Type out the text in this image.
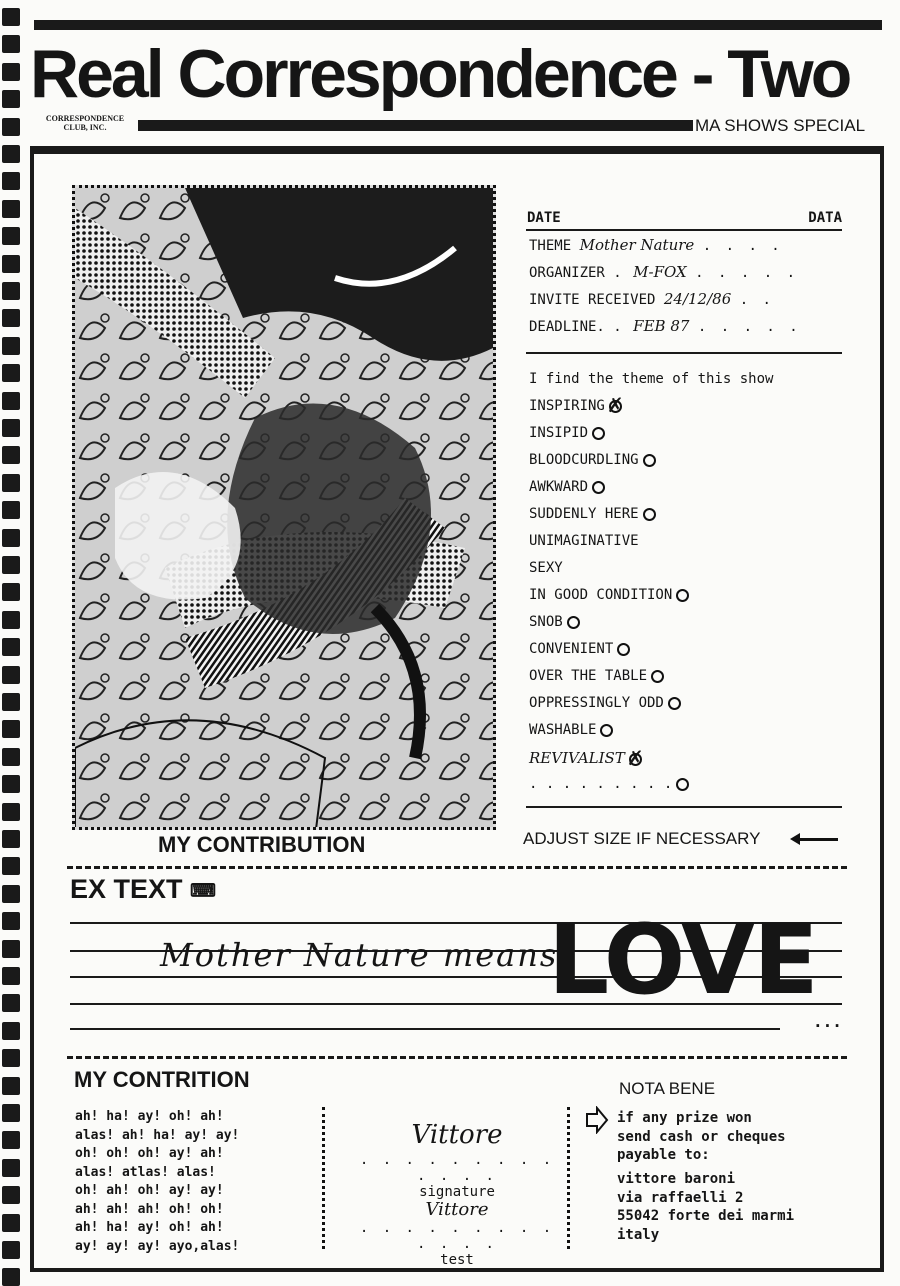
Real Correspondence - Two
CORRESPONDENCE
CLUB, INC.	MA SHOWS SPECIAL
MY CONTRIBUTION
DATE	DATA
THEME Mother Nature . . . .
ORGANIZER . M-FOX . . . . .
INVITE RECEIVED 24/12/86 . .
DEADLINE. . FEB 87 . . . . .
I find the theme of this show
INSPIRING ✗
INSIPID
BLOODCURDLING
AWKWARD
SUDDENLY HERE
UNIMAGINATIVE
SEXY
IN GOOD CONDITION
SNOB
CONVENIENT
OVER THE TABLE
OPPRESSINGLY ODD
WASHABLE
REVIVALIST ✗
. . . . . . . . .
ADJUST SIZE IF NECESSARY
EX TEXT ⌨
Mother Nature means
LOVE
...
MY CONTRITION
ah! ha! ay! oh! ah!
alas! ah! ha! ay! ay!
oh! oh! oh! ay! ah!
alas! atlas! alas!
oh! ah! oh! ay! ay!
ah! ah! ah! oh! oh!
ah! ha! ay! oh! ah!
ay! ay! ay! ayo,alas!
Vittore
. . . . . . . . . . . . .
signature
Vittore
. . . . . . . . . . . . .
test
NOTA BENE
if any prize won
send cash or cheques
payable to:
vittore baroni
via raffaelli 2
55042 forte dei marmi
italy
